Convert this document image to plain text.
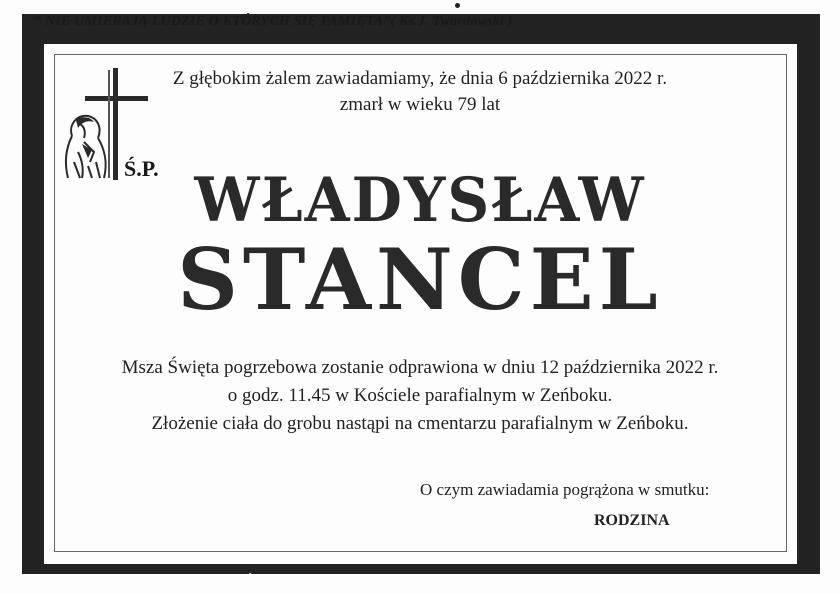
“ NIE UMIERAJĄ LUDZIE O KTÓRYCH SIĘ PAMIĘTA”( Ks.J. Twardowski )
Z głębokim żalem zawiadamiamy, że dnia 6 października 2022 r.
zmarł w wieku 79 lat
Ś.P. WŁADYSŁAW
STANCEL
Msza Święta pogrzebowa zostanie odprawiona w dniu 12 października 2022 r.
o godz. 11.45 w Kościele parafialnym w Zeńboku.
Złożenie ciała do grobu nastąpi na cmentarzu parafialnym w Zeńboku.
O czym zawiadamia pogrążona w smutku:
RODZINA
DRUK: Z.U.P. "HADES" R.Żurawski tel. 23 672 14 88, 662 198 820
